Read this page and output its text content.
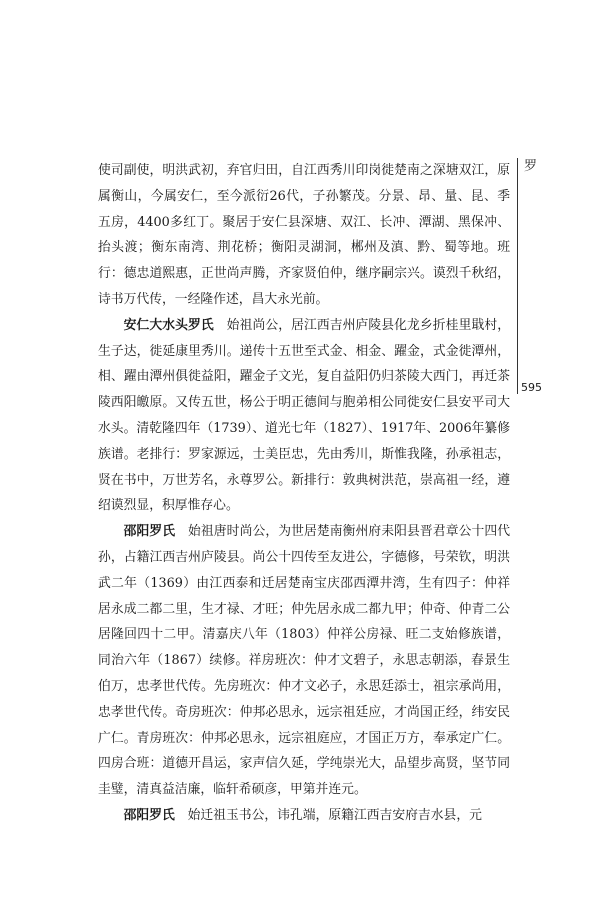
罗
595

使司副使，明洪武初，弃官归田，自江西秀川印岗徙楚南之深塘双江，原属衡山，今属安仁，至今派衍26代，子孙繁茂。分景、昂、量、昆、季五房，4400多红丁。聚居于安仁县深塘、双江、长冲、潭湖、黑保冲、抬头渡；衡东南湾、荆花桥；衡阳灵湖洞，郴州及滇、黔、蜀等地。班行：德忠道熙惠，正世尚声腾，齐家贤伯仲，继序嗣宗兴。谟烈千秋绍，诗书万代传，一经隆作述，昌大永光前。

安仁大水头罗氏　 始祖尚公，居江西吉州庐陵县化龙乡折桂里戢村，生子达，徙延康里秀川。递传十五世至式金、相金、躍金，式金徙潭州，相、躍由潭州俱徙益阳，躍金子文光，复自益阳仍归茶陵大西门，再迁茶陵西阳皦原。又传五世，杨公于明正德间与胞弟相公同徙安仁县安平司大水头。清乾隆四年（1739）、道光七年（1827）、1917年、2006年纂修族谱。老排行：罗家源远，士美臣忠，先由秀川，斯惟我隆，孙承祖志，贤在书中，万世芳名，永尊罗公。新排行：敦典树洪范，崇高祖一经，遵绍谟烈显，积厚惟存心。

邵阳罗氏　 始祖唐时尚公，为世居楚南衡州府耒阳县晋君章公十四代孙，占籍江西吉州庐陵县。尚公十四传至友进公，字德修，号荣钦，明洪武二年（1369）由江西泰和迁居楚南宝庆邵西潭井湾，生有四子：仲祥居永成二都二里，生才禄、才旺；仲先居永成二都九甲；仲奇、仲青二公居隆回四十二甲。清嘉庆八年（1803）仲祥公房禄、旺二支始修族谱，同治六年（1867）续修。祥房班次：仲才文碧子，永思志朝添，春景生伯万，忠孝世代传。先房班次：仲才文必子，永思廷添士，祖宗承尚用，忠孝世代传。奇房班次：仲邦必思永，远宗祖廷应，才尚国正经，纬安民广仁。青房班次：仲邦必思永，远宗祖庭应，才国正万方，奉承定广仁。四房合班：道德开昌运，家声信久延，学纯崇光大，品望步高贤，坚节同圭璧，清真益洁廉，临轩希硕彦，甲第并连元。

邵阳罗氏　 始迁祖玉书公，讳孔端，原籍江西吉安府吉水县，元
